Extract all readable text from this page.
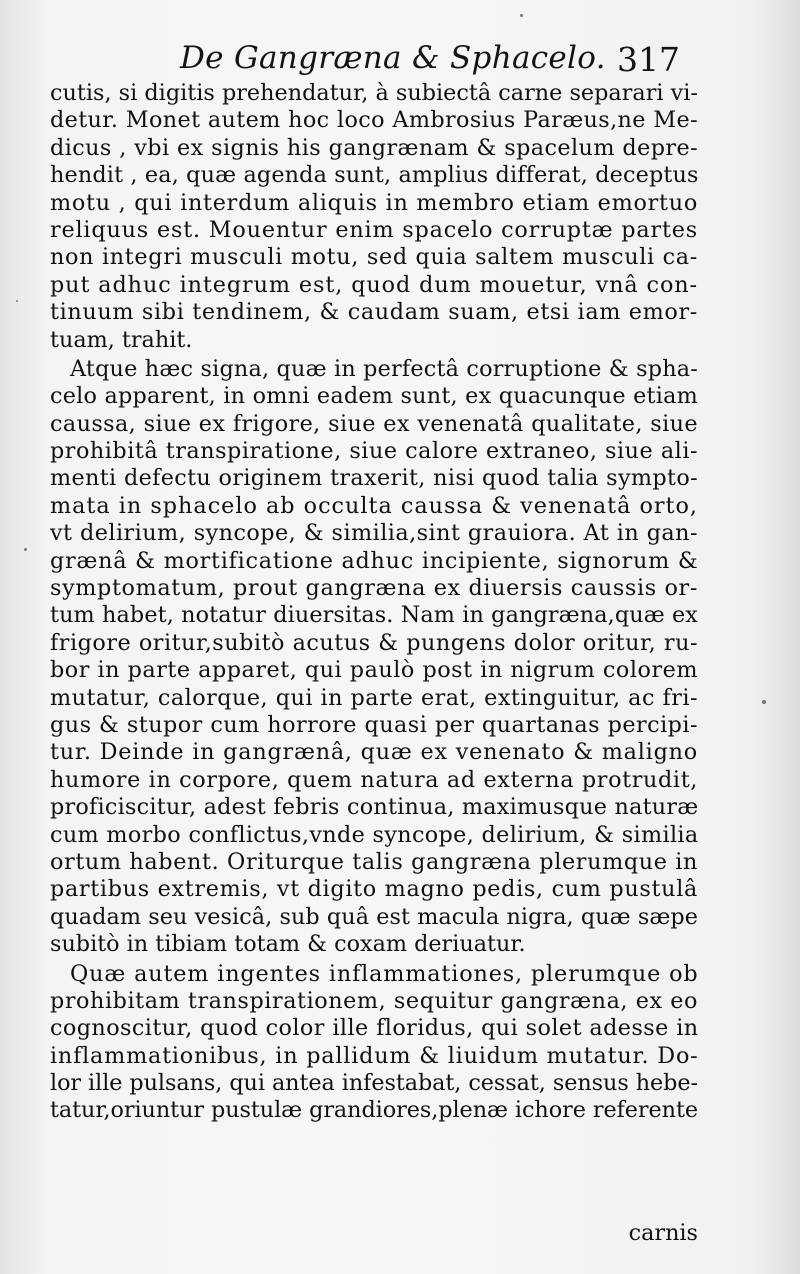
De Gangræna & Sphacelo. 317
cutis, si digitis prehendatur, à subiectâ carne separari vi-
detur. Monet autem hoc loco Ambrosius Paræus,ne Me-
dicus , vbi ex signis his gangrænam & spacelum depre-
hendit , ea, quæ agenda sunt, amplius differat, deceptus
motu , qui interdum aliquis in membro etiam emortuo
reliquus est. Mouentur enim spacelo corruptæ partes
non integri musculi motu, sed quia saltem musculi ca-
put adhuc integrum est, quod dum mouetur, vnâ con-
tinuum sibi tendinem, & caudam suam, etsi iam emor-
tuam, trahit.
Atque hæc signa, quæ in perfectâ corruptione & spha-
celo apparent, in omni eadem sunt, ex quacunque etiam
caussa, siue ex frigore, siue ex venenatâ qualitate, siue
prohibitâ transpiratione, siue calore extraneo, siue ali-
menti defectu originem traxerit, nisi quod talia sympto-
mata in sphacelo ab occulta caussa & venenatâ orto,
vt delirium, syncope, & similia,sint grauiora. At in gan-
grænâ & mortificatione adhuc incipiente, signorum &
symptomatum, prout gangræna ex diuersis caussis or-
tum habet, notatur diuersitas. Nam in gangræna,quæ ex
frigore oritur,subitò acutus & pungens dolor oritur, ru-
bor in parte apparet, qui paulò post in nigrum colorem
mutatur, calorque, qui in parte erat, extinguitur, ac fri-
gus & stupor cum horrore quasi per quartanas percipi-
tur. Deinde in gangrænâ, quæ ex venenato & maligno
humore in corpore, quem natura ad externa protrudit,
proficiscitur, adest febris continua, maximusque naturæ
cum morbo conflictus,vnde syncope, delirium, & similia
ortum habent. Oriturque talis gangræna plerumque in
partibus extremis, vt digito magno pedis, cum pustulâ
quadam seu vesicâ, sub quâ est macula nigra, quæ sæpe
subitò in tibiam totam & coxam deriuatur.
Quæ autem ingentes inflammationes, plerumque ob
prohibitam transpirationem, sequitur gangræna, ex eo
cognoscitur, quod color ille floridus, qui solet adesse in
inflammationibus, in pallidum & liuidum mutatur. Do-
lor ille pulsans, qui antea infestabat, cessat, sensus hebe-
tatur,oriuntur pustulæ grandiores,plenæ ichore referente
carnis
